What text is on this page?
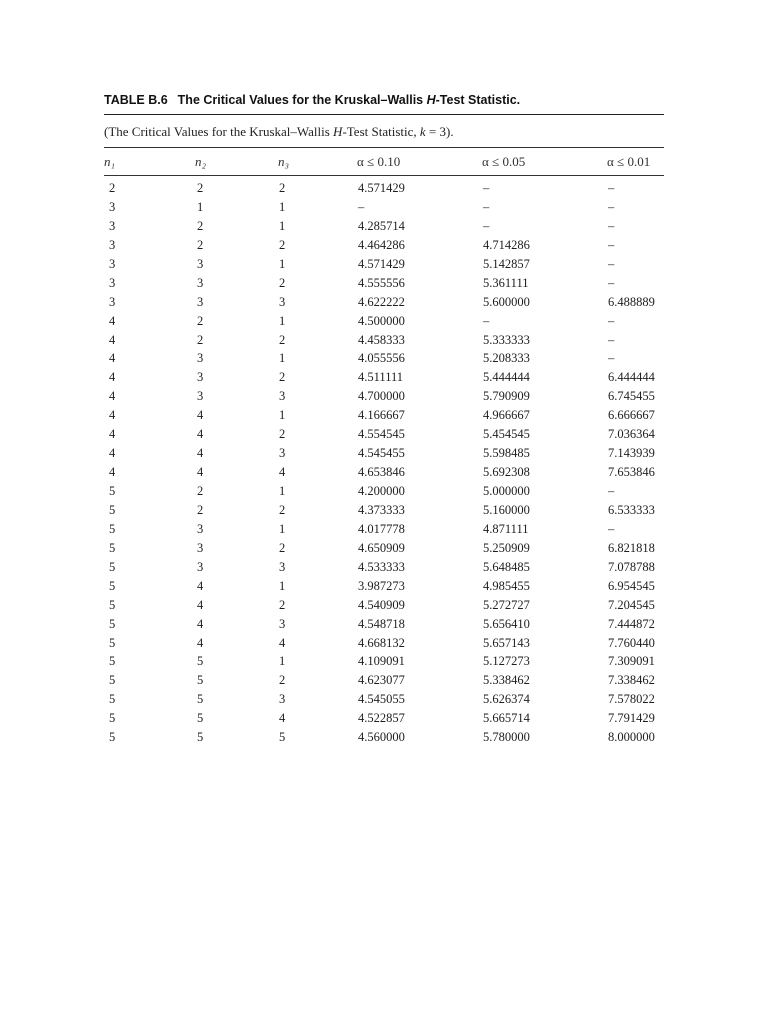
TABLE B.6 The Critical Values for the Kruskal–Wallis H-Test Statistic.
(The Critical Values for the Kruskal–Wallis H-Test Statistic, k = 3).
n₁	n₂	n₃	α ≤ 0.10	α ≤ 0.05	α ≤ 0.01
2	2	2	4.571429	–	–
3	1	1	–	–	–
3	2	1	4.285714	–	–
3	2	2	4.464286	4.714286	–
3	3	1	4.571429	5.142857	–
3	3	2	4.555556	5.361111	–
3	3	3	4.622222	5.600000	6.488889
4	2	1	4.500000	–	–
4	2	2	4.458333	5.333333	–
4	3	1	4.055556	5.208333	–
4	3	2	4.511111	5.444444	6.444444
4	3	3	4.700000	5.790909	6.745455
4	4	1	4.166667	4.966667	6.666667
4	4	2	4.554545	5.454545	7.036364
4	4	3	4.545455	5.598485	7.143939
4	4	4	4.653846	5.692308	7.653846
5	2	1	4.200000	5.000000	–
5	2	2	4.373333	5.160000	6.533333
5	3	1	4.017778	4.871111	–
5	3	2	4.650909	5.250909	6.821818
5	3	3	4.533333	5.648485	7.078788
5	4	1	3.987273	4.985455	6.954545
5	4	2	4.540909	5.272727	7.204545
5	4	3	4.548718	5.656410	7.444872
5	4	4	4.668132	5.657143	7.760440
5	5	1	4.109091	5.127273	7.309091
5	5	2	4.623077	5.338462	7.338462
5	5	3	4.545055	5.626374	7.578022
5	5	4	4.522857	5.665714	7.791429
5	5	5	4.560000	5.780000	8.000000
